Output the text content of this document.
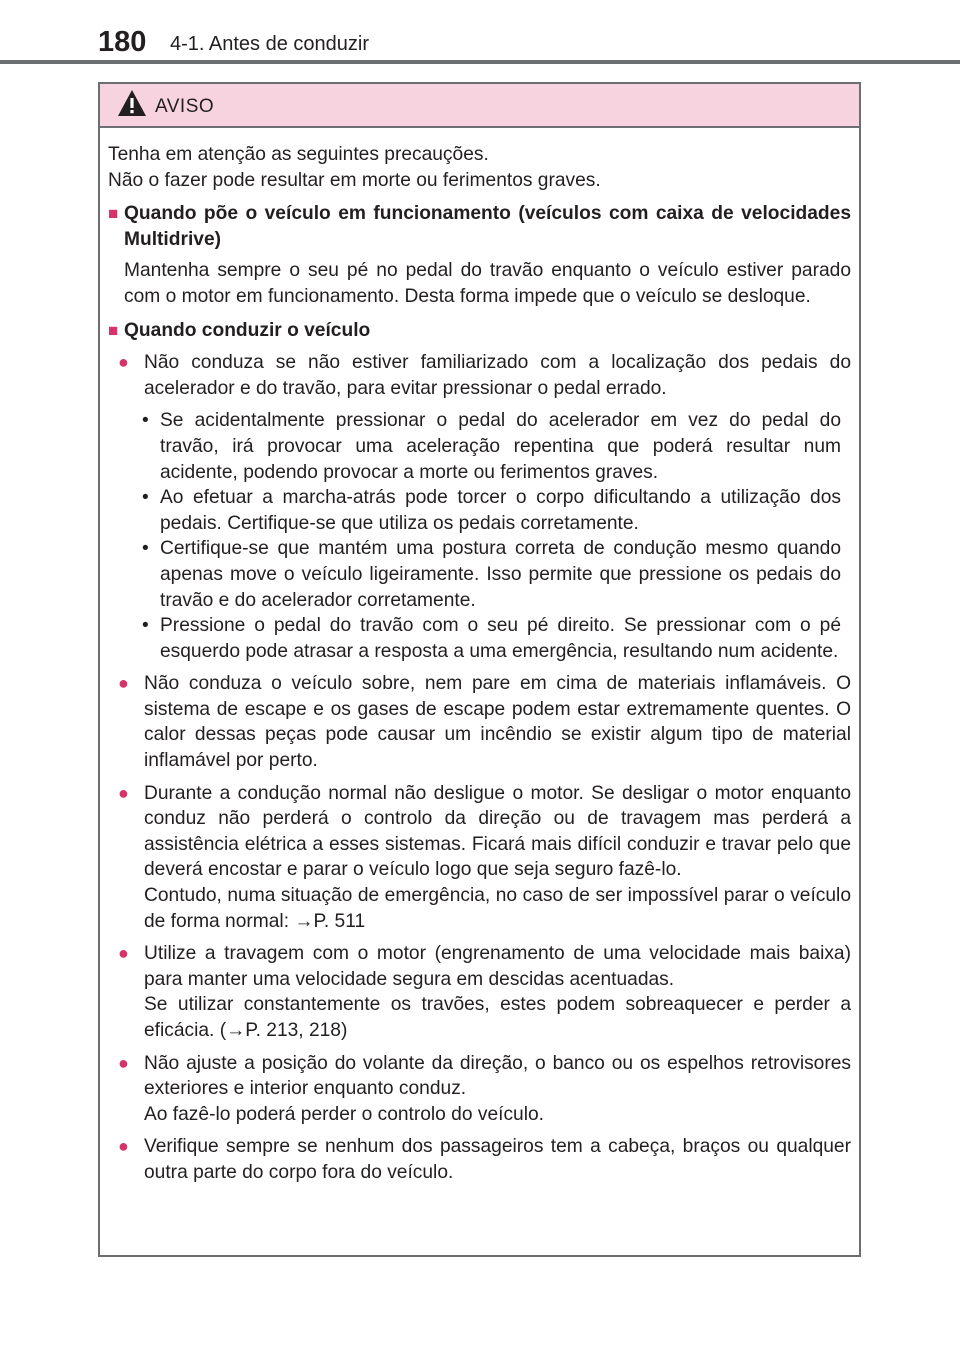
180 4-1. Antes de conduzir
AVISO

Tenha em atenção as seguintes precauções.

Não o fazer pode resultar em morte ou ferimentos graves.

■ Quando põe o veículo em funcionamento (veículos com caixa de velocidades Multidrive)
Mantenha sempre o seu pé no pedal do travão enquanto o veículo estiver parado com o motor em funcionamento. Desta forma impede que o veículo se desloque.
■ Quando conduzir o veículo
● Não conduza se não estiver familiarizado com a localização dos pedais do acelerador e do travão, para evitar pressionar o pedal errado.

• Se acidentalmente pressionar o pedal do acelerador em vez do pedal do travão, irá provocar uma aceleração repentina que poderá resultar num acidente, podendo provocar a morte ou ferimentos graves.
• Ao efetuar a marcha-atrás pode torcer o corpo dificultando a utilização dos pedais. Certifique-se que utiliza os pedais corretamente.
• Certifique-se que mantém uma postura correta de condução mesmo quando apenas move o veículo ligeiramente. Isso permite que pressione os pedais do travão e do acelerador corretamente.
• Pressione o pedal do travão com o seu pé direito. Se pressionar com o pé esquerdo pode atrasar a resposta a uma emergência, resultando num acidente.
● Não conduza o veículo sobre, nem pare em cima de materiais inflamáveis. O sistema de escape e os gases de escape podem estar extremamente quentes. O calor dessas peças pode causar um incêndio se existir algum tipo de material inflamável por perto.

● Durante a condução normal não desligue o motor. Se desligar o motor enquanto conduz não perderá o controlo da direção ou de travagem mas perderá a assistência elétrica a esses sistemas. Ficará mais difícil conduzir e travar pelo que deverá encostar e parar o veículo logo que seja seguro fazê-lo.

Contudo, numa situação de emergência, no caso de ser impossível parar o veículo de forma normal: →P. 511

● Utilize a travagem com o motor (engrenamento de uma velocidade mais baixa) para manter uma velocidade segura em descidas acentuadas.

Se utilizar constantemente os travões, estes podem sobreaquecer e perder a eficácia. (→P. 213, 218)

● Não ajuste a posição do volante da direção, o banco ou os espelhos retrovisores exteriores e interior enquanto conduz.

Ao fazê-lo poderá perder o controlo do veículo.

● Verifique sempre se nenhum dos passageiros tem a cabeça, braços ou qualquer outra parte do corpo fora do veículo.
